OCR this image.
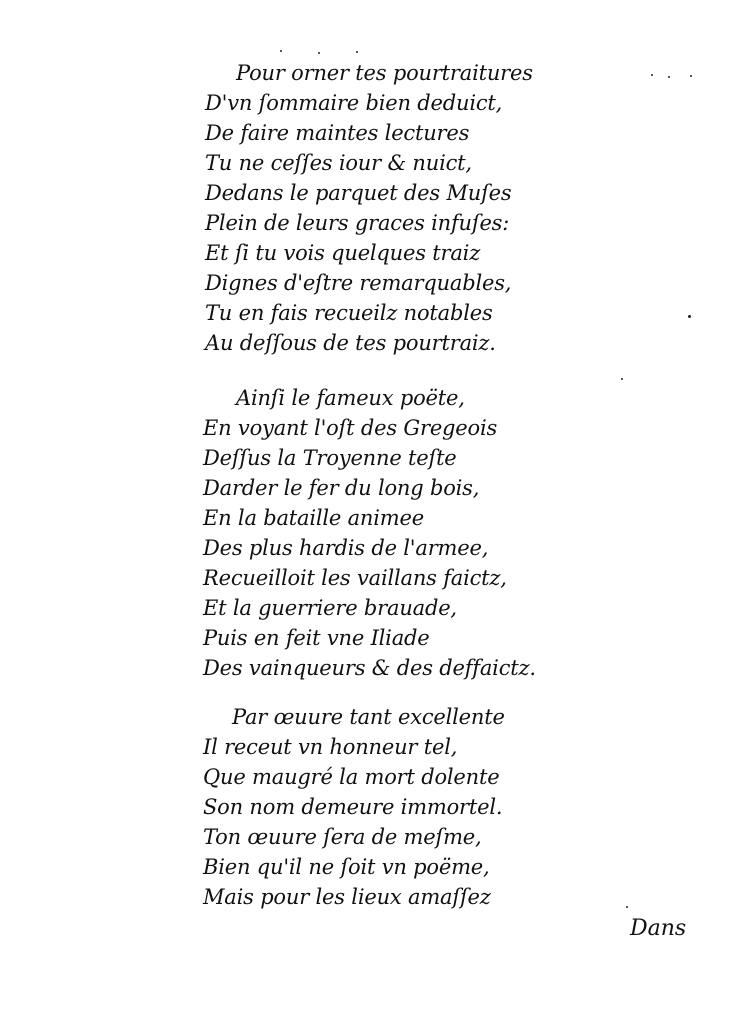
Pour orner tes pourtraitures
D'vn ſommaire bien deduict,
De faire maintes lectures
Tu ne ceſſes iour & nuict,
Dedans le parquet des Muſes
Plein de leurs graces infuſes:
Et ſi tu vois quelques traiz
Dignes d'eſtre remarquables,
Tu en fais recueilz notables
Au deſſous de tes pourtraiz.
Ainſi le fameux poëte,
En voyant l'oſt des Gregeois
Deſſus la Troyenne teſte
Darder le fer du long bois,
En la bataille animee
Des plus hardis de l'armee,
Recueilloit les vaillans faictz,
Et la guerriere brauade,
Puis en feit vne Iliade
Des vainqueurs & des deffaictz.
Par œuure tant excellente
Il receut vn honneur tel,
Que maugré la mort dolente
Son nom demeure immortel.
Ton œuure ſera de meſme,
Bien qu'il ne ſoit vn poëme,
Mais pour les lieux amaſſez
Dans
